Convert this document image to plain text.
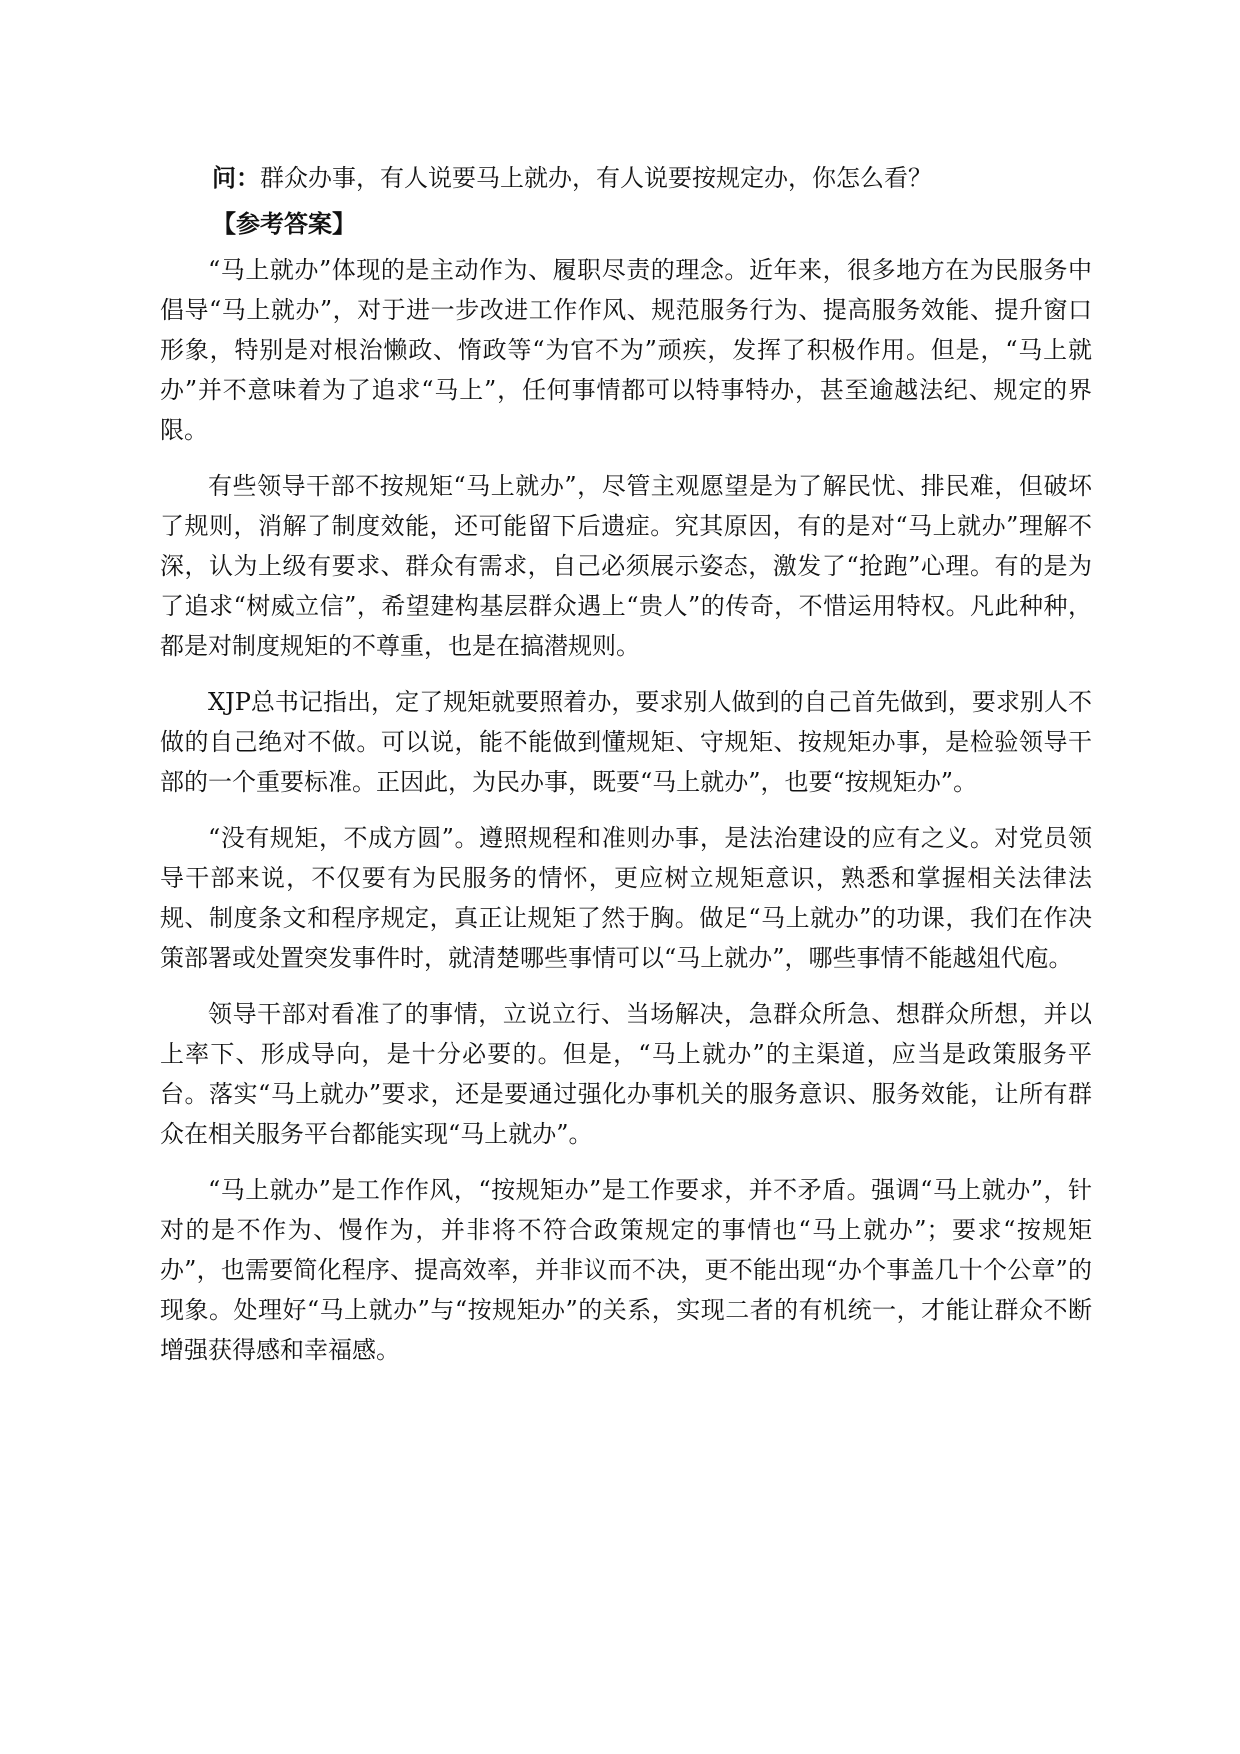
问：群众办事，有人说要马上就办，有人说要按规定办，你怎么看？

【参考答案】

“马上就办”体现的是主动作为、履职尽责的理念。近年来，很多地方在为民服务中倡导“马上就办”，对于进一步改进工作作风、规范服务行为、提高服务效能、提升窗口形象，特别是对根治懒政、惰政等“为官不为”顽疾，发挥了积极作用。但是，“马上就办”并不意味着为了追求“马上”，任何事情都可以特事特办，甚至逾越法纪、规定的界限。

有些领导干部不按规矩“马上就办”，尽管主观愿望是为了解民忧、排民难，但破坏了规则，消解了制度效能，还可能留下后遗症。究其原因，有的是对“马上就办”理解不深，认为上级有要求、群众有需求，自己必须展示姿态，激发了“抢跑”心理。有的是为了追求“树威立信”，希望建构基层群众遇上“贵人”的传奇，不惜运用特权。凡此种种，都是对制度规矩的不尊重，也是在搞潜规则。

XJP总书记指出，定了规矩就要照着办，要求别人做到的自己首先做到，要求别人不做的自己绝对不做。可以说，能不能做到懂规矩、守规矩、按规矩办事，是检验领导干部的一个重要标准。正因此，为民办事，既要“马上就办”，也要“按规矩办”。

“没有规矩，不成方圆”。遵照规程和准则办事，是法治建设的应有之义。对党员领导干部来说，不仅要有为民服务的情怀，更应树立规矩意识，熟悉和掌握相关法律法规、制度条文和程序规定，真正让规矩了然于胸。做足“马上就办”的功课，我们在作决策部署或处置突发事件时，就清楚哪些事情可以“马上就办”，哪些事情不能越俎代庖。

领导干部对看准了的事情，立说立行、当场解决，急群众所急、想群众所想，并以上率下、形成导向，是十分必要的。但是，“马上就办”的主渠道，应当是政策服务平台。落实“马上就办”要求，还是要通过强化办事机关的服务意识、服务效能，让所有群众在相关服务平台都能实现“马上就办”。

“马上就办”是工作作风，“按规矩办”是工作要求，并不矛盾。强调“马上就办”，针对的是不作为、慢作为，并非将不符合政策规定的事情也“马上就办”；要求“按规矩办”，也需要简化程序、提高效率，并非议而不决，更不能出现“办个事盖几十个公章”的现象。处理好“马上就办”与“按规矩办”的关系，实现二者的有机统一，才能让群众不断增强获得感和幸福感。
